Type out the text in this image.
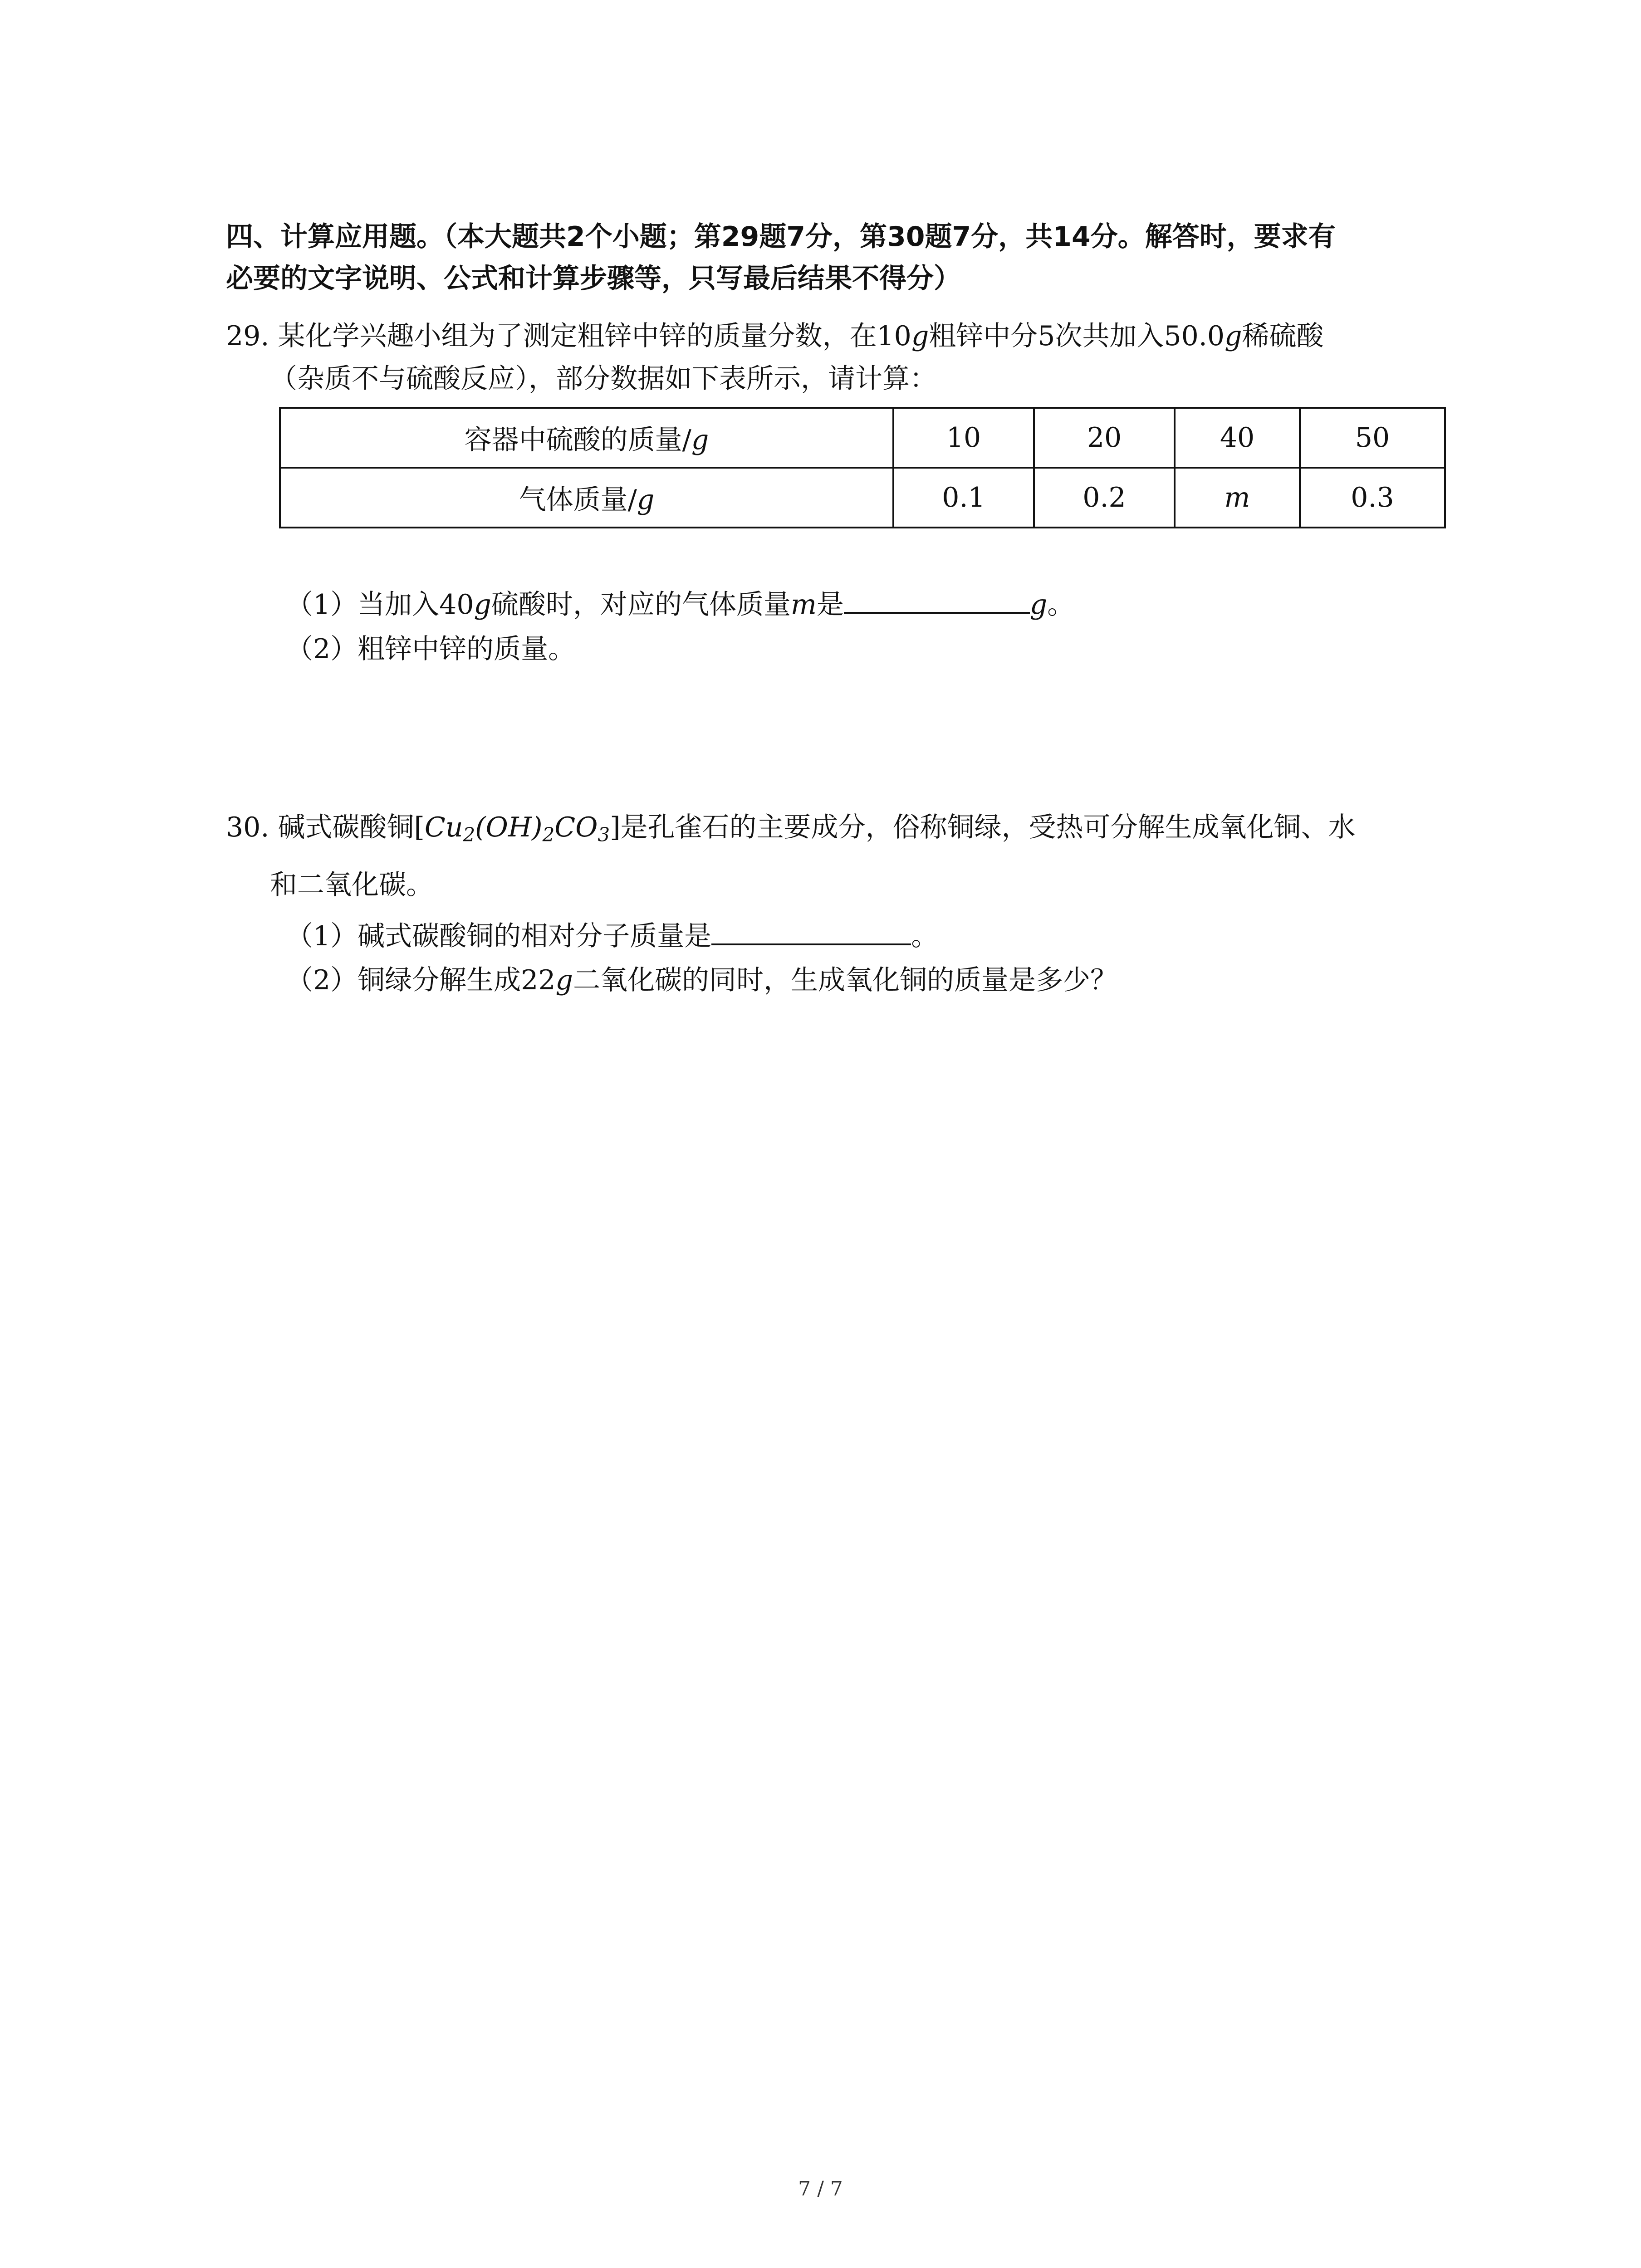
四、计算应用题。（本大题共2个小题；第29题7分，第30题7分，共14分。解答时，要求有
必要的文字说明、公式和计算步骤等，只写最后结果不得分）
29. 某化学兴趣小组为了测定粗锌中锌的质量分数，在10g粗锌中分5次共加入50.0g稀硫酸
（杂质不与硫酸反应），部分数据如下表所示，请计算：
容器中硫酸的质量/g	10	20	40	50
气体质量/g	0.1	0.2	m	0.3
（1）当加入40g硫酸时，对应的气体质量m是	g。
（2）粗锌中锌的质量。
30. 碱式碳酸铜$[Cu_2(OH)_2CO_3]$是孔雀石的主要成分，俗称铜绿，受热可分解生成氧化铜、水
和二氧化碳。
（1）碱式碳酸铜的相对分子质量是	。
（2）铜绿分解生成22g二氧化碳的同时，生成氧化铜的质量是多少？
7 / 7
